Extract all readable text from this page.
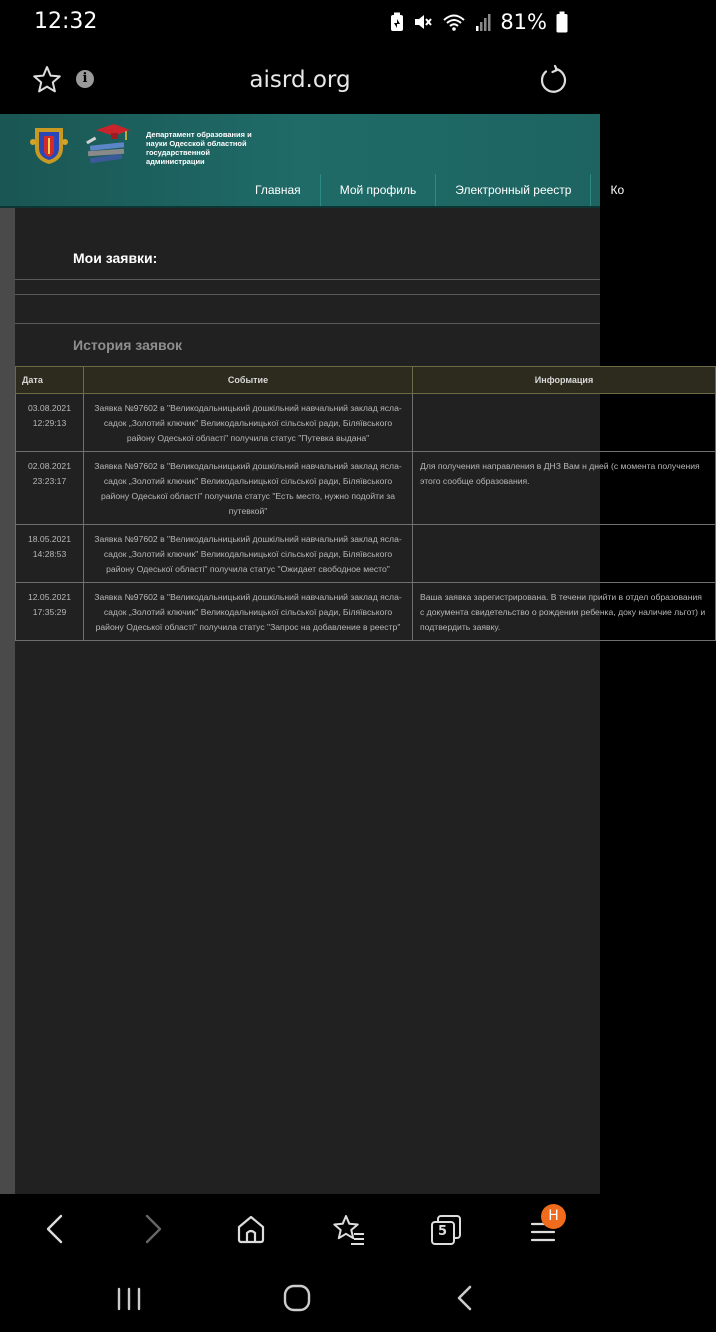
12:32	81%
i	aisrd.org
Департамент образования и науки Одесской областной государственной администрации
Главная	Мой профиль	Электронный реестр	Ко
Мои заявки:
История заявок
Дата	Событие	Информация
03.08.2021
12:29:13	Заявка №97602 в "Великодальницький дошкільний навчальний заклад ясла-садок „Золотий ключик" Великодальницької сільської ради, Біляївського району Одеської області" получила статус "Путевка выдана"	
02.08.2021
23:23:17	Заявка №97602 в "Великодальницький дошкільний навчальний заклад ясла-садок „Золотий ключик" Великодальницької сільської ради, Біляївського району Одеської області" получила статус "Есть место, нужно подойти за путевкой"	Для получения направления в ДНЗ Вам н дней (с момента получения этого сообще образования.
18.05.2021
14:28:53	Заявка №97602 в "Великодальницький дошкільний навчальний заклад ясла-садок „Золотий ключик" Великодальницької сільської ради, Біляївського району Одеської області" получила статус "Ожидает свободное место"	
12.05.2021
17:35:29	Заявка №97602 в "Великодальницький дошкільний навчальний заклад ясла-садок „Золотий ключик" Великодальницької сільської ради, Біляївського району Одеської області" получила статус "Запрос на добавление в реестр"	Ваша заявка зарегистрирована. В течени прийти в отдел образования с документа свидетельство о рождении ребенка, доку наличие льгот) и подтвердить заявку.
5
H
